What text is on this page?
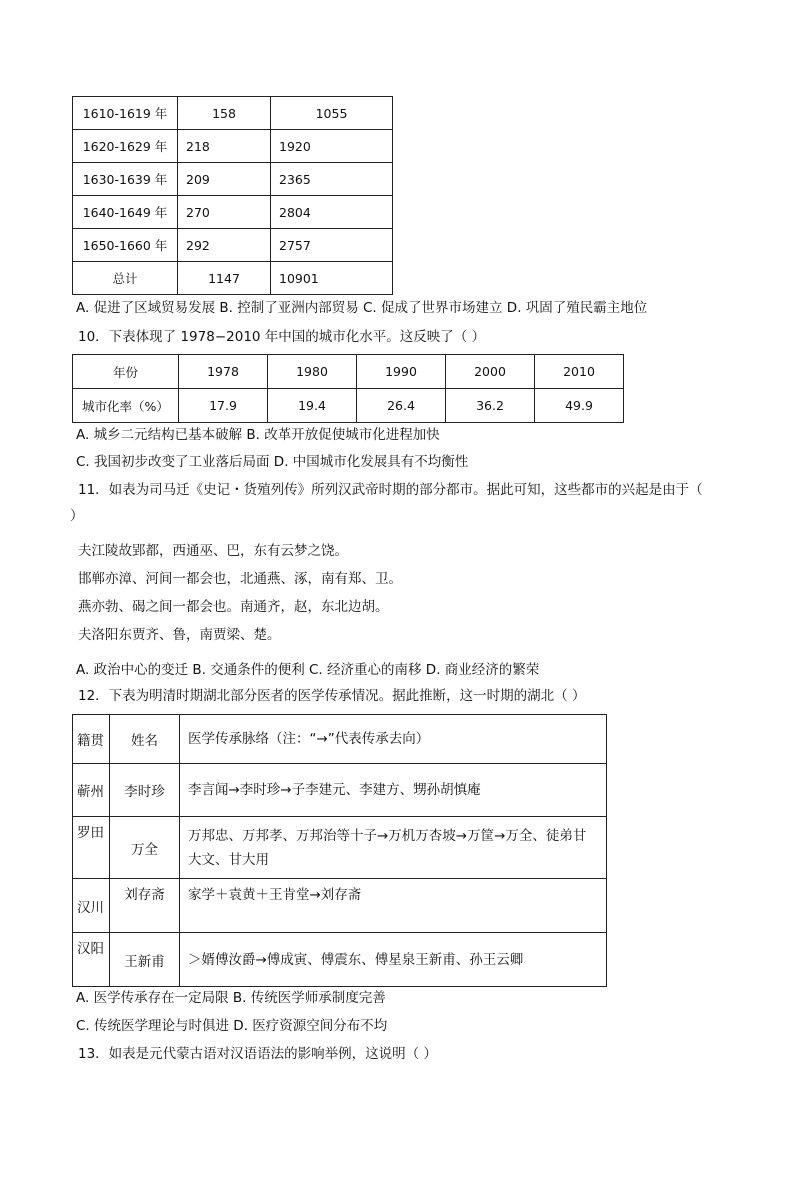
1610-1619 年	158	1055
1620-1629 年	218	1920
1630-1639 年	209	2365
1640-1649 年	270	2804
1650-1660 年	292	2757
总计	1147	10901
A. 促进了区域贸易发展 B. 控制了亚洲内部贸易 C. 促成了世界市场建立 D. 巩固了殖民霸主地位
10．下表体现了 1978−2010 年中国的城市化水平。这反映了（ ）
年份	1978	1980	1990	2000	2010
城市化率（%）	17.9	19.4	26.4	36.2	49.9
A. 城乡二元结构已基本破解 B. 改革开放促使城市化进程加快
C. 我国初步改变了工业落后局面 D. 中国城市化发展具有不均衡性
11．如表为司马迁《史记・货殖列传》所列汉武帝时期的部分都市。据此可知，这些都市的兴起是由于（
）
夫江陵故郢都，西通巫、巴，东有云梦之饶。
邯郸亦漳、河间一都会也，北通燕、涿，南有郑、卫。
燕亦勃、碣之间一都会也。南通齐，赵，东北边胡。
夫洛阳东贾齐、鲁，南贾梁、楚。
A. 政治中心的变迁 B. 交通条件的便利 C. 经济重心的南移 D. 商业经济的繁荣
12．下表为明清时期湖北部分医者的医学传承情况。据此推断，这一时期的湖北（ ）
籍贯	姓名	医学传承脉络（注：“→”代表传承去向）
蕲州	李时珍	李言闻→李时珍→子李建元、李建方、甥孙胡慎庵
罗田	万全	万邦忠、万邦孝、万邦治等十子→万机万杏坡→万筐→万全、徒弟甘大文、甘大用
汉川	刘存斋	家学＋袁黄＋王肯堂→刘存斋
汉阳	王新甫	＞婿傅汝爵→傅成寅、傅震东、傅星泉王新甫、孙王云卿
A. 医学传承存在一定局限 B. 传统医学师承制度完善
C. 传统医学理论与时俱进 D. 医疗资源空间分布不均
13．如表是元代蒙古语对汉语语法的影响举例，这说明（ ）
